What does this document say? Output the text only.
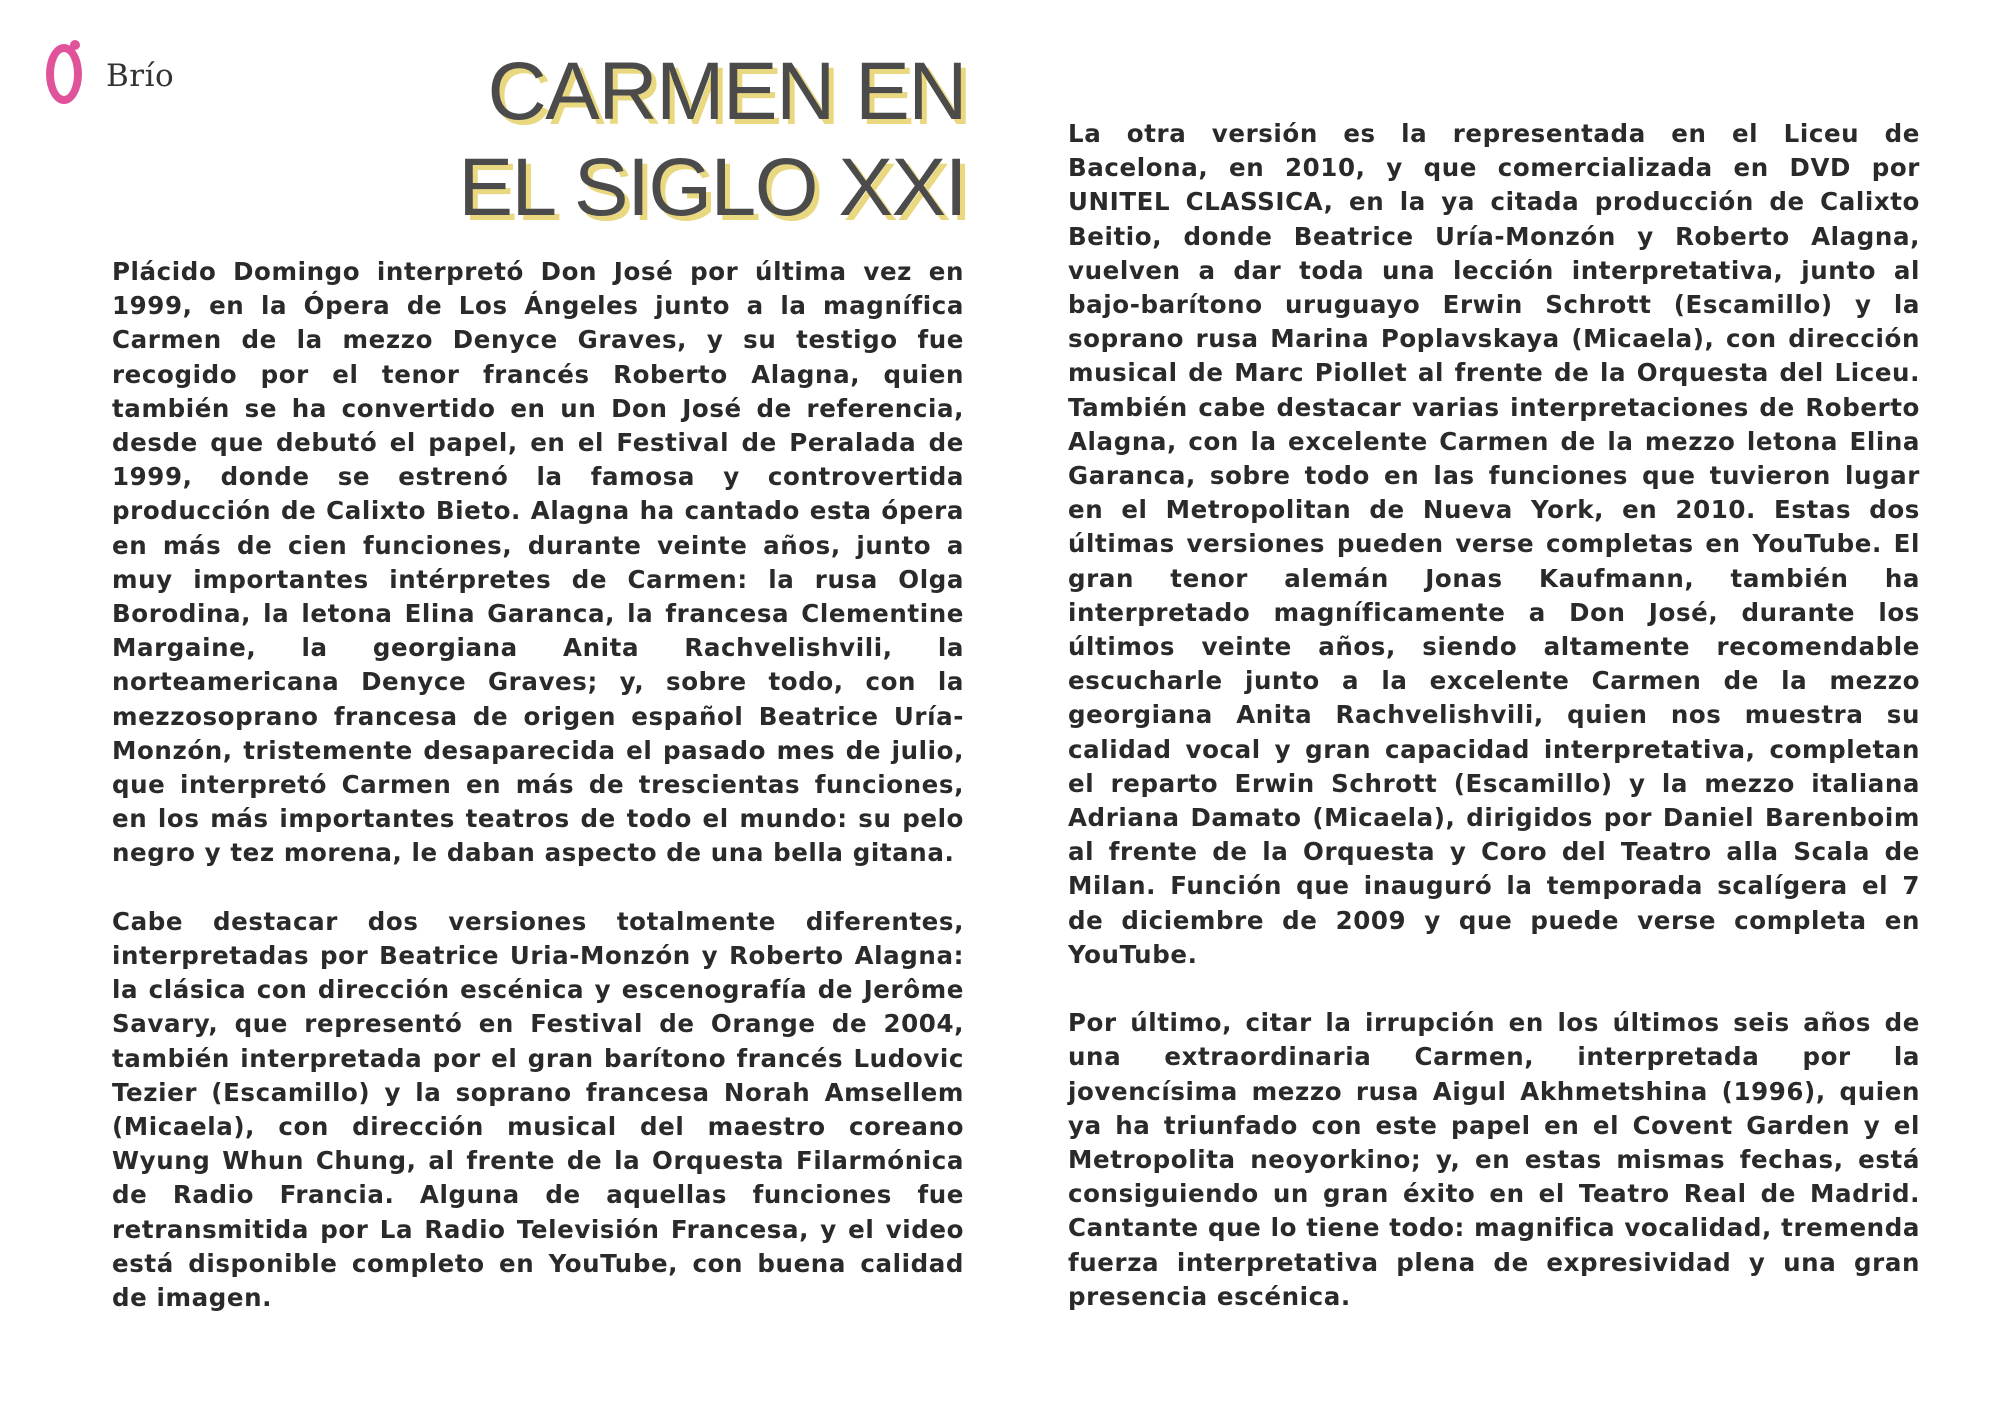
Brío	CARMEN EN
EL SIGLO XXI

Plácido Domingo interpretó Don José por última vez en 1999, en la Ópera de Los Ángeles junto a la magnífica Carmen de la mezzo Denyce Graves, y su testigo fue recogido por el tenor francés Roberto Alagna, quien también se ha convertido en un Don José de referencia, desde que debutó el papel, en el Festival de Peralada de 1999, donde se estrenó la famosa y controvertida producción de Calixto Bieto. Alagna ha cantado esta ópera en más de cien funciones, durante veinte años, junto a muy importantes intérpretes de Carmen: la rusa Olga Borodina, la letona Elina Garanca, la francesa Clementine Margaine, la georgiana Anita Rachvelishvili, la norteamericana Denyce Graves; y, sobre todo, con la mezzosoprano francesa de origen español Beatrice Uría-Monzón, tristemente desaparecida el pasado mes de julio, que interpretó Carmen en más de trescientas funciones, en los más importantes teatros de todo el mundo: su pelo negro y tez morena, le daban aspecto de una bella gitana.

Cabe destacar dos versiones totalmente diferentes, interpretadas por Beatrice Uria-Monzón y Roberto Alagna: la clásica con dirección escénica y escenografía de Jerôme Savary, que representó en Festival de Orange de 2004, también interpretada por el gran barítono francés Ludovic Tezier (Escamillo) y la soprano francesa Norah Amsellem (Micaela), con dirección musical del maestro coreano Wyung Whun Chung, al frente de la Orquesta Filarmónica de Radio Francia. Alguna de aquellas funciones fue retransmitida por La Radio Televisión Francesa, y el video está disponible completo en YouTube, con buena calidad de imagen.

La otra versión es la representada en el Liceu de Bacelona, en 2010, y que comercializada en DVD por UNITEL CLASSICA, en la ya citada producción de Calixto Beitio, donde Beatrice Uría-Monzón y Roberto Alagna, vuelven a dar toda una lección interpretativa, junto al bajo-barítono uruguayo Erwin Schrott (Escamillo) y la soprano rusa Marina Poplavskaya (Micaela), con dirección musical de Marc Piollet al frente de la Orquesta del Liceu. También cabe destacar varias interpretaciones de Roberto Alagna, con la excelente Carmen de la mezzo letona Elina Garanca, sobre todo en las funciones que tuvieron lugar en el Metropolitan de Nueva York, en 2010. Estas dos últimas versiones pueden verse completas en YouTube. El gran tenor alemán Jonas Kaufmann, también ha interpretado magníficamente a Don José, durante los últimos veinte años, siendo altamente recomendable escucharle junto a la excelente Carmen de la mezzo georgiana Anita Rachvelishvili, quien nos muestra su calidad vocal y gran capacidad interpretativa, completan el reparto Erwin Schrott (Escamillo) y la mezzo italiana Adriana Damato (Micaela), dirigidos por Daniel Barenboim al frente de la Orquesta y Coro del Teatro alla Scala de Milan. Función que inauguró la temporada scalígera el 7 de diciembre de 2009 y que puede verse completa en YouTube.

Por último, citar la irrupción en los últimos seis años de una extraordinaria Carmen, interpretada por la jovencísima mezzo rusa Aigul Akhmetshina (1996), quien ya ha triunfado con este papel en el Covent Garden y el Metropolita neoyorkino; y, en estas mismas fechas, está consiguiendo un gran éxito en el Teatro Real de Madrid. Cantante que lo tiene todo: magnifica vocalidad, tremenda fuerza interpretativa plena de expresividad y una gran presencia escénica.
